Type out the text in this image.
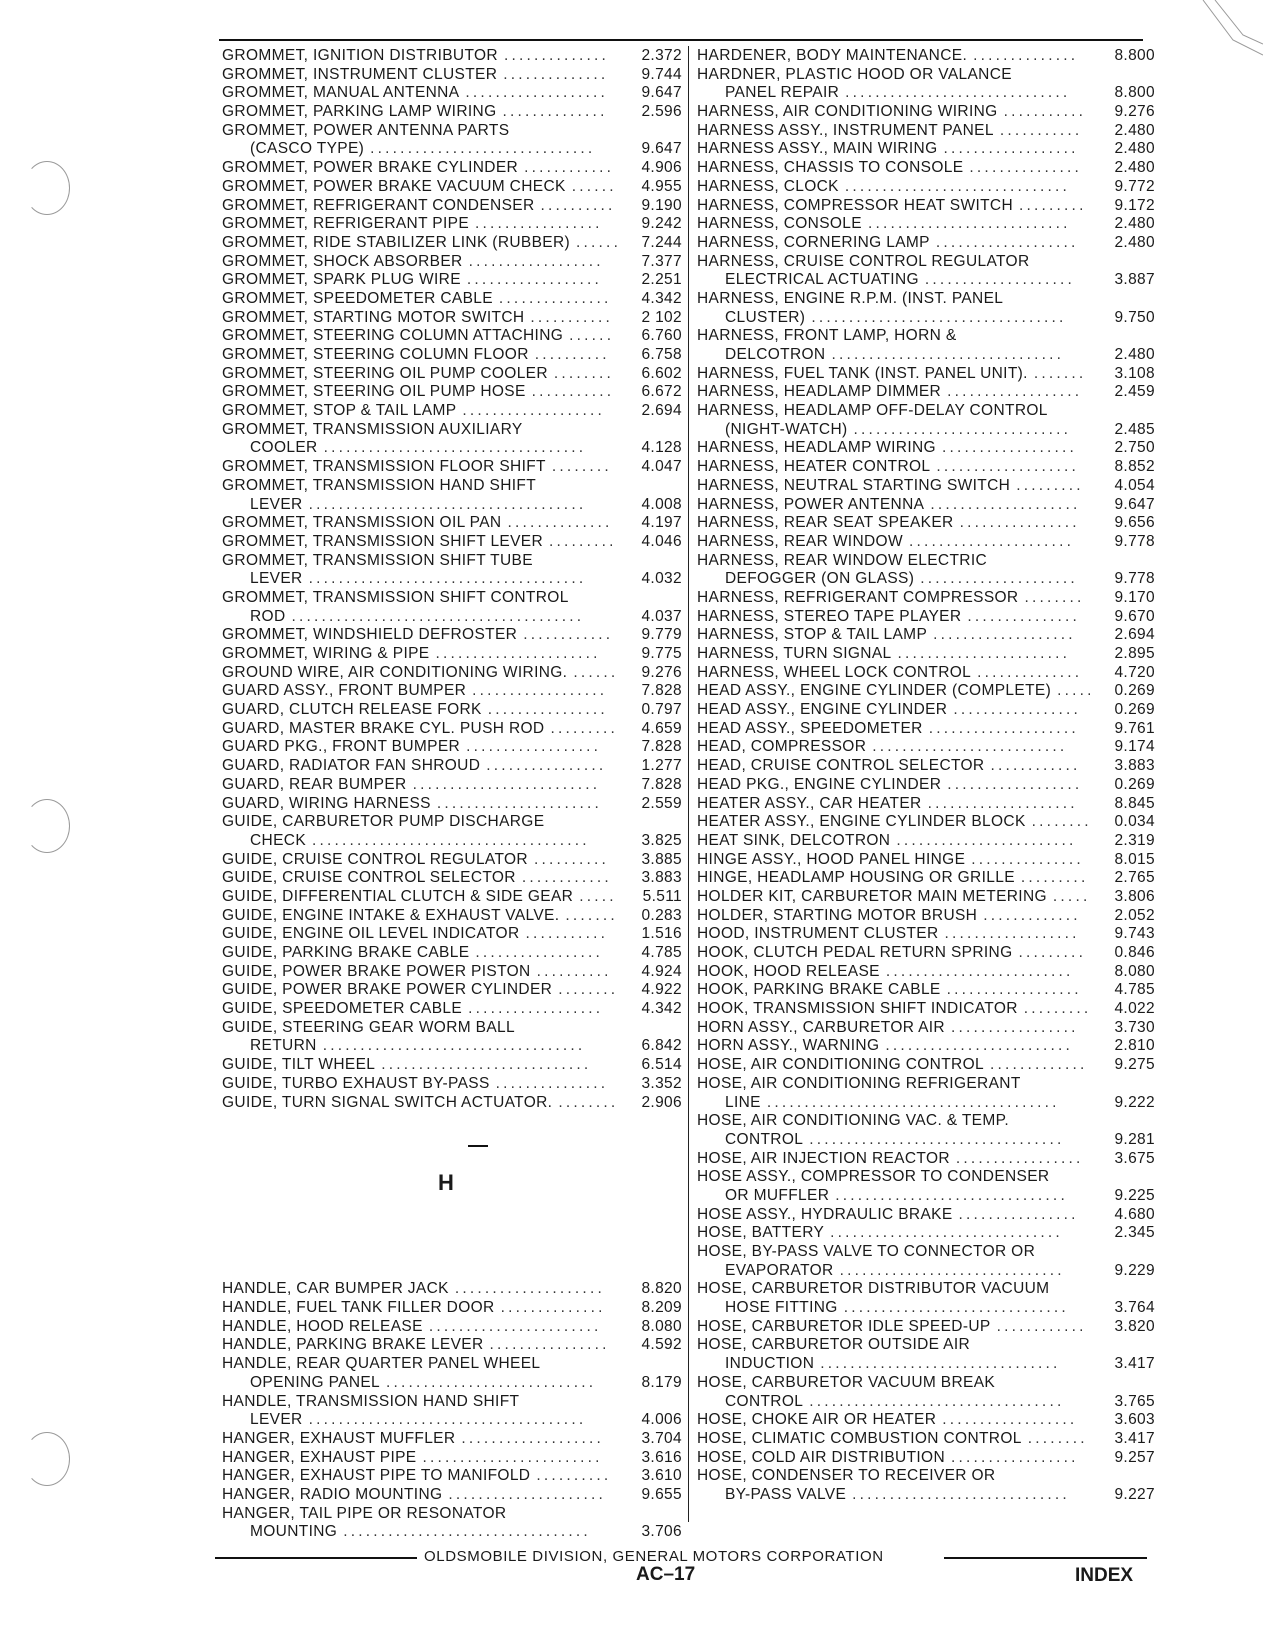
GROMMET, IGNITION DISTRIBUTOR ..............	2.372
GROMMET, INSTRUMENT CLUSTER ..............	9.744
GROMMET, MANUAL ANTENNA ...................	9.647
GROMMET, PARKING LAMP WIRING ..............	2.596
GROMMET, POWER ANTENNA PARTS
(CASCO TYPE) ..............................	9.647
GROMMET, POWER BRAKE CYLINDER ............	4.906
GROMMET, POWER BRAKE VACUUM CHECK ......	4.955
GROMMET, REFRIGERANT CONDENSER ..........	9.190
GROMMET, REFRIGERANT PIPE .................	9.242
GROMMET, RIDE STABILIZER LINK (RUBBER) ......	7.244
GROMMET, SHOCK ABSORBER ..................	7.377
GROMMET, SPARK PLUG WIRE ..................	2.251
GROMMET, SPEEDOMETER CABLE ...............	4.342
GROMMET, STARTING MOTOR SWITCH ...........	2 102
GROMMET, STEERING COLUMN ATTACHING ......	6.760
GROMMET, STEERING COLUMN FLOOR ..........	6.758
GROMMET, STEERING OIL PUMP COOLER ........	6.602
GROMMET, STEERING OIL PUMP HOSE ...........	6.672
GROMMET, STOP & TAIL LAMP ...................	2.694
GROMMET, TRANSMISSION AUXILIARY
COOLER ...................................	4.128
GROMMET, TRANSMISSION FLOOR SHIFT ........	4.047
GROMMET, TRANSMISSION HAND SHIFT
LEVER .....................................	4.008
GROMMET, TRANSMISSION OIL PAN ..............	4.197
GROMMET, TRANSMISSION SHIFT LEVER .........	4.046
GROMMET, TRANSMISSION SHIFT TUBE
LEVER .....................................	4.032
GROMMET, TRANSMISSION SHIFT CONTROL
ROD .......................................	4.037
GROMMET, WINDSHIELD DEFROSTER ............	9.779
GROMMET, WIRING & PIPE ......................	9.775
GROUND WIRE, AIR CONDITIONING WIRING. ......	9.276
GUARD ASSY., FRONT BUMPER ..................	7.828
GUARD, CLUTCH RELEASE FORK ................	0.797
GUARD, MASTER BRAKE CYL. PUSH ROD .........	4.659
GUARD PKG., FRONT BUMPER ..................	7.828
GUARD, RADIATOR FAN SHROUD ................	1.277
GUARD, REAR BUMPER .........................	7.828
GUARD, WIRING HARNESS ......................	2.559
GUIDE, CARBURETOR PUMP DISCHARGE
CHECK .....................................	3.825
GUIDE, CRUISE CONTROL REGULATOR ..........	3.885
GUIDE, CRUISE CONTROL SELECTOR ............	3.883
GUIDE, DIFFERENTIAL CLUTCH & SIDE GEAR .....	5.511
GUIDE, ENGINE INTAKE & EXHAUST VALVE. .......	0.283
GUIDE, ENGINE OIL LEVEL INDICATOR ...........	1.516
GUIDE, PARKING BRAKE CABLE .................	4.785
GUIDE, POWER BRAKE POWER PISTON ..........	4.924
GUIDE, POWER BRAKE POWER CYLINDER ........	4.922
GUIDE, SPEEDOMETER CABLE ..................	4.342
GUIDE, STEERING GEAR WORM BALL
RETURN ...................................	6.842
GUIDE, TILT WHEEL ............................	6.514
GUIDE, TURBO EXHAUST BY-PASS ...............	3.352
GUIDE, TURN SIGNAL SWITCH ACTUATOR. ........	2.906
HANDLE, CAR BUMPER JACK ....................	8.820
HANDLE, FUEL TANK FILLER DOOR ..............	8.209
HANDLE, HOOD RELEASE .......................	8.080
HANDLE, PARKING BRAKE LEVER ................	4.592
HANDLE, REAR QUARTER PANEL WHEEL
OPENING PANEL ............................	8.179
HANDLE, TRANSMISSION HAND SHIFT
LEVER .....................................	4.006
HANGER, EXHAUST MUFFLER ...................	3.704
HANGER, EXHAUST PIPE ........................	3.616
HANGER, EXHAUST PIPE TO MANIFOLD ..........	3.610
HANGER, RADIO MOUNTING .....................	9.655
HANGER, TAIL PIPE OR RESONATOR
MOUNTING .................................	3.706
HARDENER, BODY MAINTENANCE. ..............	8.800
HARDNER, PLASTIC HOOD OR VALANCE
PANEL REPAIR ..............................	8.800
HARNESS, AIR CONDITIONING WIRING ...........	9.276
HARNESS ASSY., INSTRUMENT PANEL ...........	2.480
HARNESS ASSY., MAIN WIRING ..................	2.480
HARNESS, CHASSIS TO CONSOLE ...............	2.480
HARNESS, CLOCK ..............................	9.772
HARNESS, COMPRESSOR HEAT SWITCH .........	9.172
HARNESS, CONSOLE ...........................	2.480
HARNESS, CORNERING LAMP ...................	2.480
HARNESS, CRUISE CONTROL REGULATOR
ELECTRICAL ACTUATING ....................	3.887
HARNESS, ENGINE R.P.M. (INST. PANEL
CLUSTER) ..................................	9.750
HARNESS, FRONT LAMP, HORN &
DELCOTRON ...............................	2.480
HARNESS, FUEL TANK (INST. PANEL UNIT). .......	3.108
HARNESS, HEADLAMP DIMMER ..................	2.459
HARNESS, HEADLAMP OFF-DELAY CONTROL
(NIGHT-WATCH) .............................	2.485
HARNESS, HEADLAMP WIRING ..................	2.750
HARNESS, HEATER CONTROL ...................	8.852
HARNESS, NEUTRAL STARTING SWITCH .........	4.054
HARNESS, POWER ANTENNA ....................	9.647
HARNESS, REAR SEAT SPEAKER ................	9.656
HARNESS, REAR WINDOW ......................	9.778
HARNESS, REAR WINDOW ELECTRIC
DEFOGGER (ON GLASS) .....................	9.778
HARNESS, REFRIGERANT COMPRESSOR ........	9.170
HARNESS, STEREO TAPE PLAYER ...............	9.670
HARNESS, STOP & TAIL LAMP ...................	2.694
HARNESS, TURN SIGNAL .......................	2.895
HARNESS, WHEEL LOCK CONTROL ..............	4.720
HEAD ASSY., ENGINE CYLINDER (COMPLETE) .....	0.269
HEAD ASSY., ENGINE CYLINDER .................	0.269
HEAD ASSY., SPEEDOMETER ....................	9.761
HEAD, COMPRESSOR ..........................	9.174
HEAD, CRUISE CONTROL SELECTOR ............	3.883
HEAD PKG., ENGINE CYLINDER ..................	0.269
HEATER ASSY., CAR HEATER ....................	8.845
HEATER ASSY., ENGINE CYLINDER BLOCK ........	0.034
HEAT SINK, DELCOTRON ........................	2.319
HINGE ASSY., HOOD PANEL HINGE ...............	8.015
HINGE, HEADLAMP HOUSING OR GRILLE .........	2.765
HOLDER KIT, CARBURETOR MAIN METERING .....	3.806
HOLDER, STARTING MOTOR BRUSH .............	2.052
HOOD, INSTRUMENT CLUSTER ..................	9.743
HOOK, CLUTCH PEDAL RETURN SPRING .........	0.846
HOOK, HOOD RELEASE .........................	8.080
HOOK, PARKING BRAKE CABLE ..................	4.785
HOOK, TRANSMISSION SHIFT INDICATOR .........	4.022
HORN ASSY., CARBURETOR AIR .................	3.730
HORN ASSY., WARNING .........................	2.810
HOSE, AIR CONDITIONING CONTROL .............	9.275
HOSE, AIR CONDITIONING REFRIGERANT
LINE .......................................	9.222
HOSE, AIR CONDITIONING VAC. & TEMP.
CONTROL ..................................	9.281
HOSE, AIR INJECTION REACTOR .................	3.675
HOSE ASSY., COMPRESSOR TO CONDENSER
OR MUFFLER ...............................	9.225
HOSE ASSY., HYDRAULIC BRAKE ................	4.680
HOSE, BATTERY ...............................	2.345
HOSE, BY-PASS VALVE TO CONNECTOR OR
EVAPORATOR ..............................	9.229
HOSE, CARBURETOR DISTRIBUTOR VACUUM
HOSE FITTING ..............................	3.764
HOSE, CARBURETOR IDLE SPEED-UP ............	3.820
HOSE, CARBURETOR OUTSIDE AIR
INDUCTION ................................	3.417
HOSE, CARBURETOR VACUUM BREAK
CONTROL ..................................	3.765
HOSE, CHOKE AIR OR HEATER ..................	3.603
HOSE, CLIMATIC COMBUSTION CONTROL ........	3.417
HOSE, COLD AIR DISTRIBUTION .................	9.257
HOSE, CONDENSER TO RECEIVER OR
BY-PASS VALVE .............................	9.227
H
OLDSMOBILE DIVISION, GENERAL MOTORS CORPORATION
AC–17	INDEX
